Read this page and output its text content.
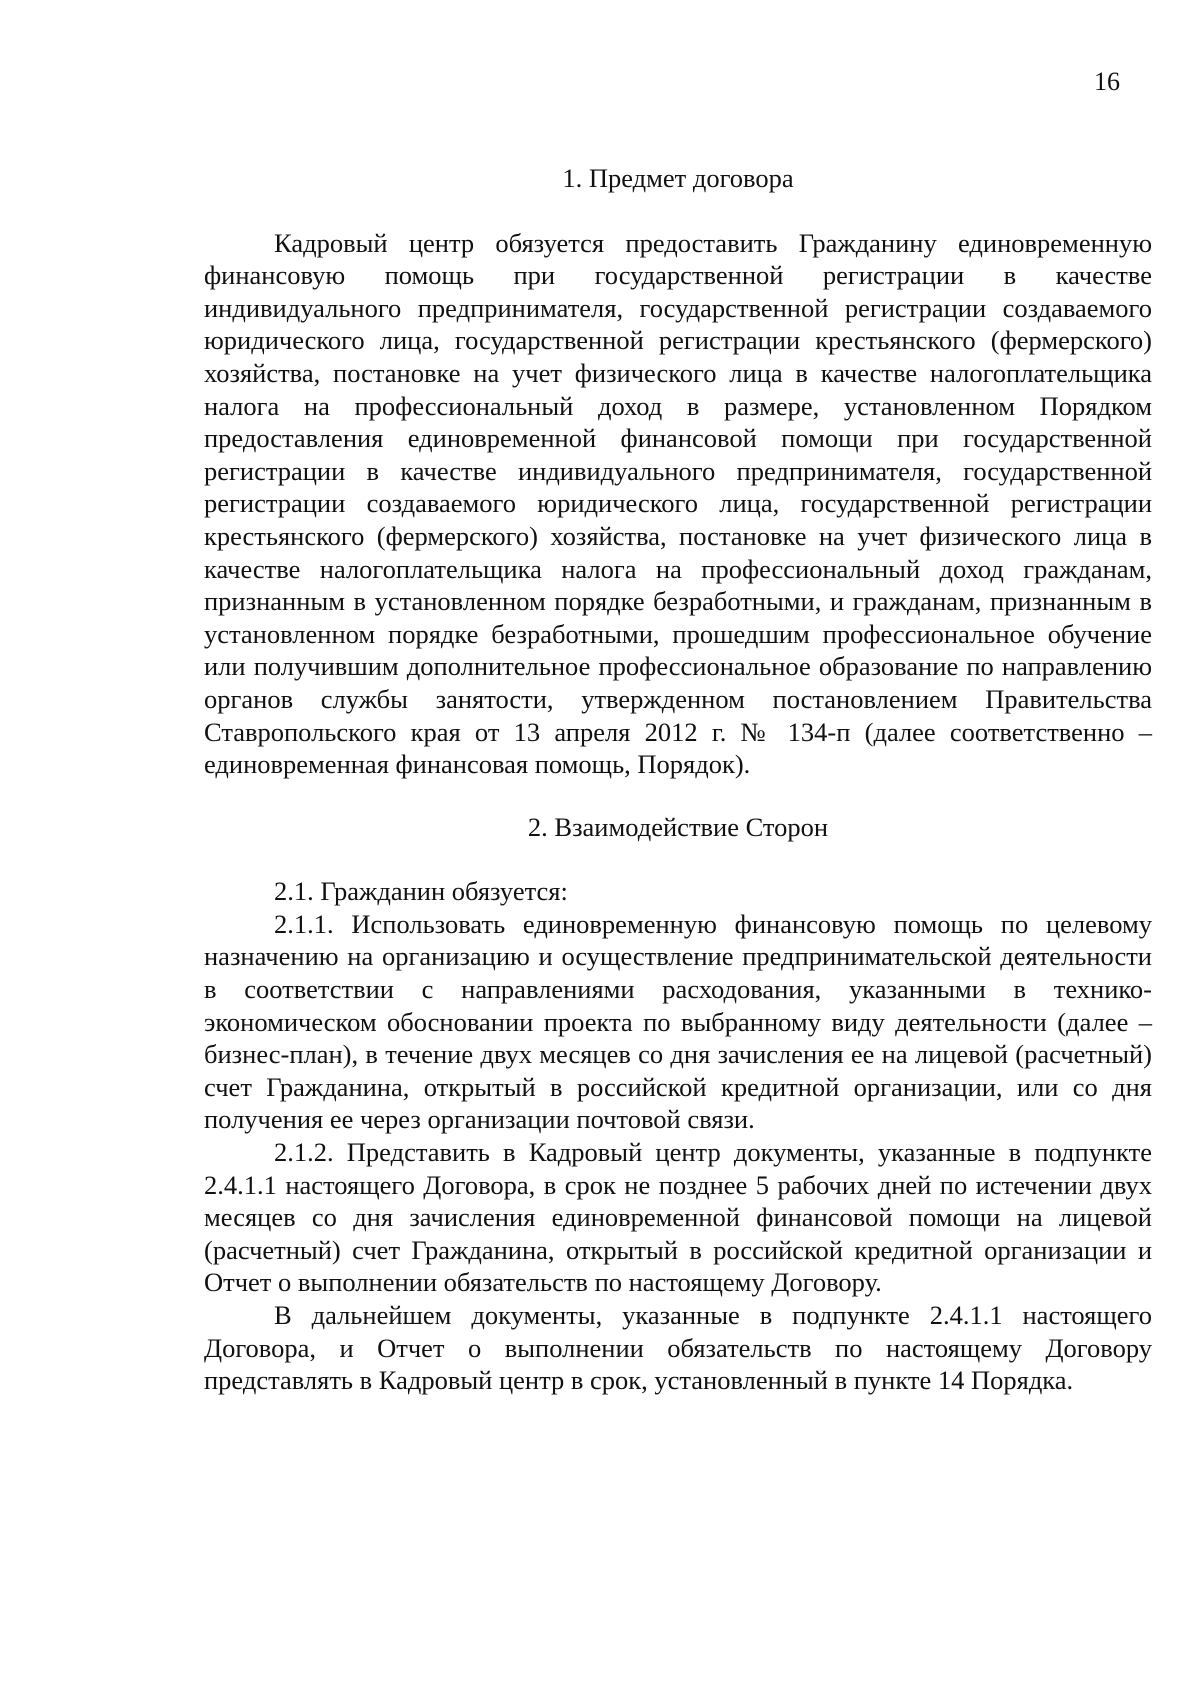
16
1. Предмет договора

Кадровый центр обязуется предоставить Гражданину единовременную финансовую помощь при государственной регистрации в качестве индивидуального предпринимателя, государственной регистрации создаваемого юридического лица, государственной регистрации крестьянского (фермерского) хозяйства, постановке на учет физического лица в качестве налогоплательщика налога на профессиональный доход в размере, установленном Порядком предоставления единовременной финансовой помощи при государственной регистрации в качестве индивидуального предпринимателя, государственной регистрации создаваемого юридического лица, государственной регистрации крестьянского (фермерского) хозяйства, постановке на учет физического лица в качестве налогоплательщика налога на профессиональный доход гражданам, признанным в установленном порядке безработными, и гражданам, признанным в установленном порядке безработными, прошедшим профессиональное обучение или получившим дополнительное профессиональное образование по направлению органов службы занятости, утвержденном постановлением Правительства Ставропольского края от 13 апреля 2012 г. № 134-п (далее соответственно – единовременная финансовая помощь, Порядок).

2. Взаимодействие Сторон

2.1. Гражданин обязуется:

2.1.1. Использовать единовременную финансовую помощь по целевому назначению на организацию и осуществление предпринимательской деятельности в соответствии с направлениями расходования, указанными в технико-экономическом обосновании проекта по выбранному виду деятельности (далее – бизнес-план), в течение двух месяцев со дня зачисления ее на лицевой (расчетный) счет Гражданина, открытый в российской кредитной организации, или со дня получения ее через организации почтовой связи.

2.1.2. Представить в Кадровый центр документы, указанные в подпункте 2.4.1.1 настоящего Договора, в срок не позднее 5 рабочих дней по истечении двух месяцев со дня зачисления единовременной финансовой помощи на лицевой (расчетный) счет Гражданина, открытый в российской кредитной организации и Отчет о выполнении обязательств по настоящему Договору.

В дальнейшем документы, указанные в подпункте 2.4.1.1 настоящего Договора, и Отчет о выполнении обязательств по настоящему Договору представлять в Кадровый центр в срок, установленный в пункте 14 Порядка.
